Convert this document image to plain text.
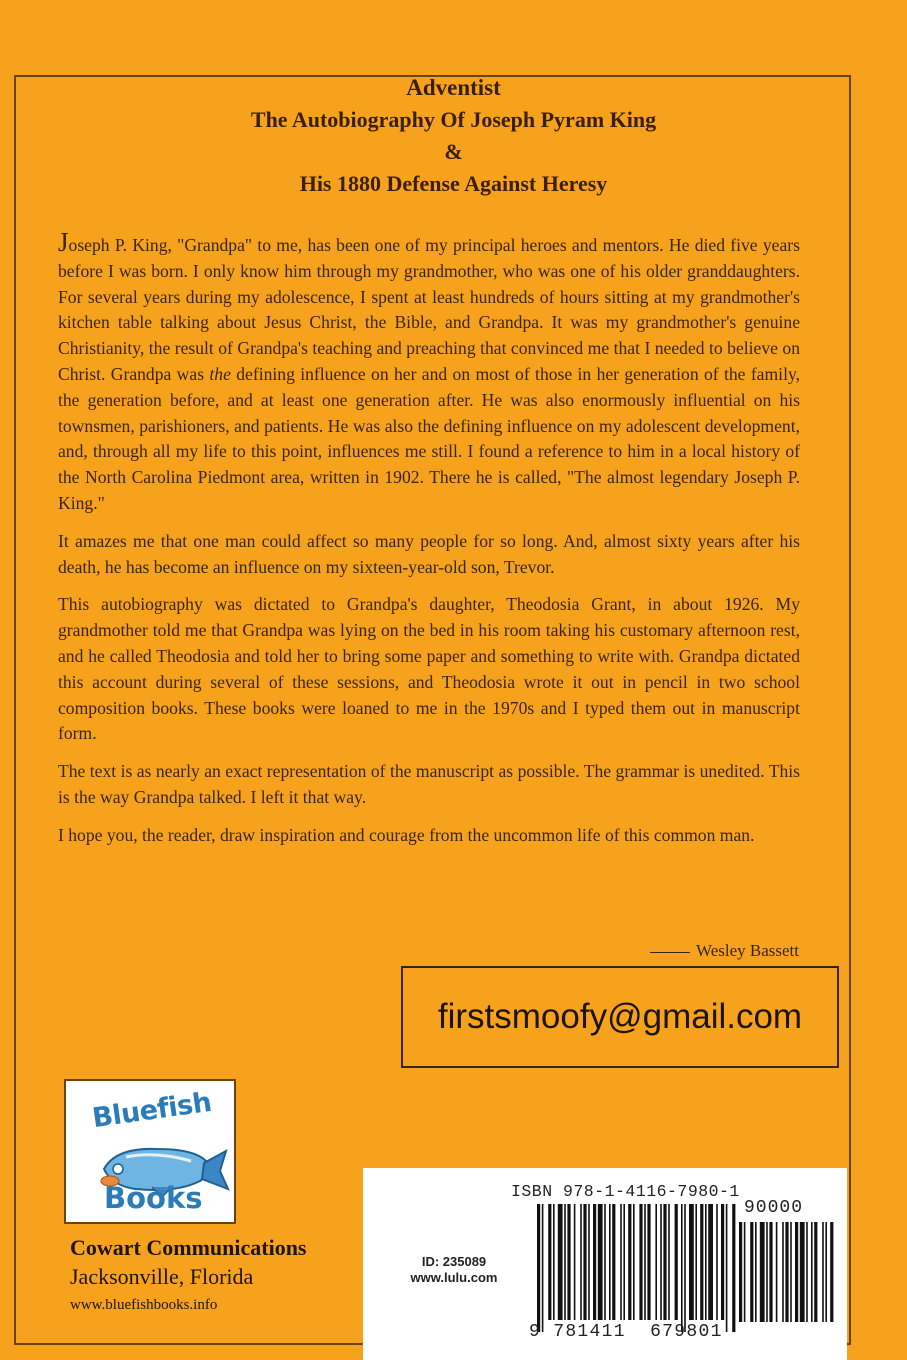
Adventist
The Autobiography Of Joseph Pyram King
&
His 1880 Defense Against Heresy

Joseph P. King, "Grandpa" to me, has been one of my principal heroes and mentors. He died five years before I was born. I only know him through my grandmother, who was one of his older granddaughters. For several years during my adolescence, I spent at least hundreds of hours sitting at my grandmother's kitchen table talking about Jesus Christ, the Bible, and Grandpa. It was my grandmother's genuine Christianity, the result of Grandpa's teaching and preaching that convinced me that I needed to believe on Christ. Grandpa was the defining influence on her and on most of those in her generation of the family, the generation before, and at least one generation after. He was also enormously influential on his townsmen, parishioners, and patients. He was also the defining influence on my adolescent development, and, through all my life to this point, influences me still. I found a reference to him in a local history of the North Carolina Piedmont area, written in 1902. There he is called, "The almost legendary Joseph P. King."

It amazes me that one man could affect so many people for so long. And, almost sixty years after his death, he has become an influence on my sixteen-year-old son, Trevor.

This autobiography was dictated to Grandpa's daughter, Theodosia Grant, in about 1926. My grandmother told me that Grandpa was lying on the bed in his room taking his customary afternoon rest, and he called Theodosia and told her to bring some paper and something to write with. Grandpa dictated this account during several of these sessions, and Theodosia wrote it out in pencil in two school composition books. These books were loaned to me in the 1970s and I typed them out in manuscript form.

The text is as nearly an exact representation of the manuscript as possible. The grammar is unedited. This is the way Grandpa talked. I left it that way.

I hope you, the reader, draw inspiration and courage from the uncommon life of this common man.

Wesley Bassett
firstsmoofy@gmail.com
Bluefish
Books
Cowart Communications
Jacksonville, Florida
www.bluefishbooks.info
ID: 235089
www.lulu.com
ISBN 978-1-4116-7980-1
90000
9 781411 679801
